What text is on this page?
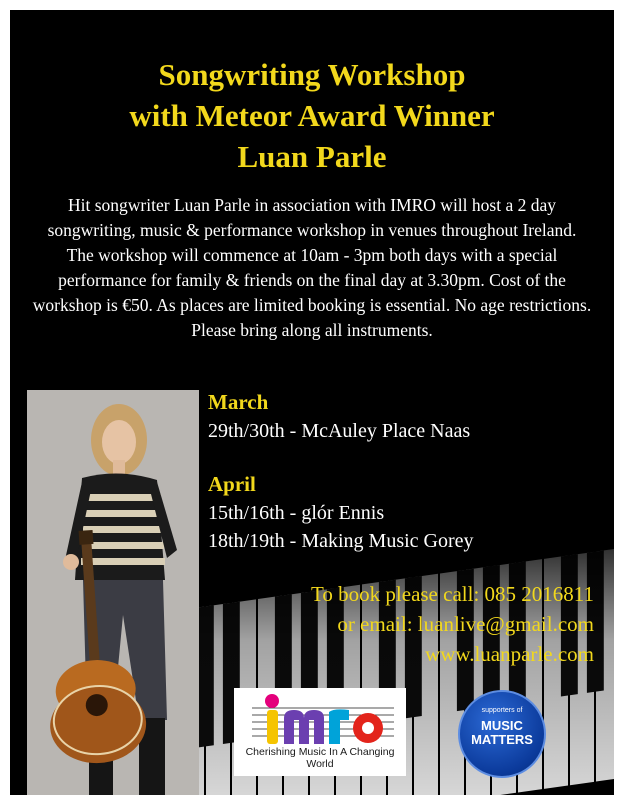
Songwriting Workshop
with Meteor Award Winner
Luan Parle
Hit songwriter Luan Parle in association with IMRO will host a 2 day songwriting, music & performance workshop in venues throughout Ireland. The workshop will commence at 10am - 3pm both days with a special performance for family & friends on the final day at 3.30pm. Cost of the workshop is €50. As places are limited booking is essential. No age restrictions. Please bring along all instruments.
March
29th/30th - McAuley Place Naas
April
15th/16th - glór Ennis
18th/19th - Making Music Gorey
To book please call: 085 2016811
or email: luanlive@gmail.com
www.luanparle.com
Cherishing Music In A Changing World
supporters of
MUSIC
MATTERS
